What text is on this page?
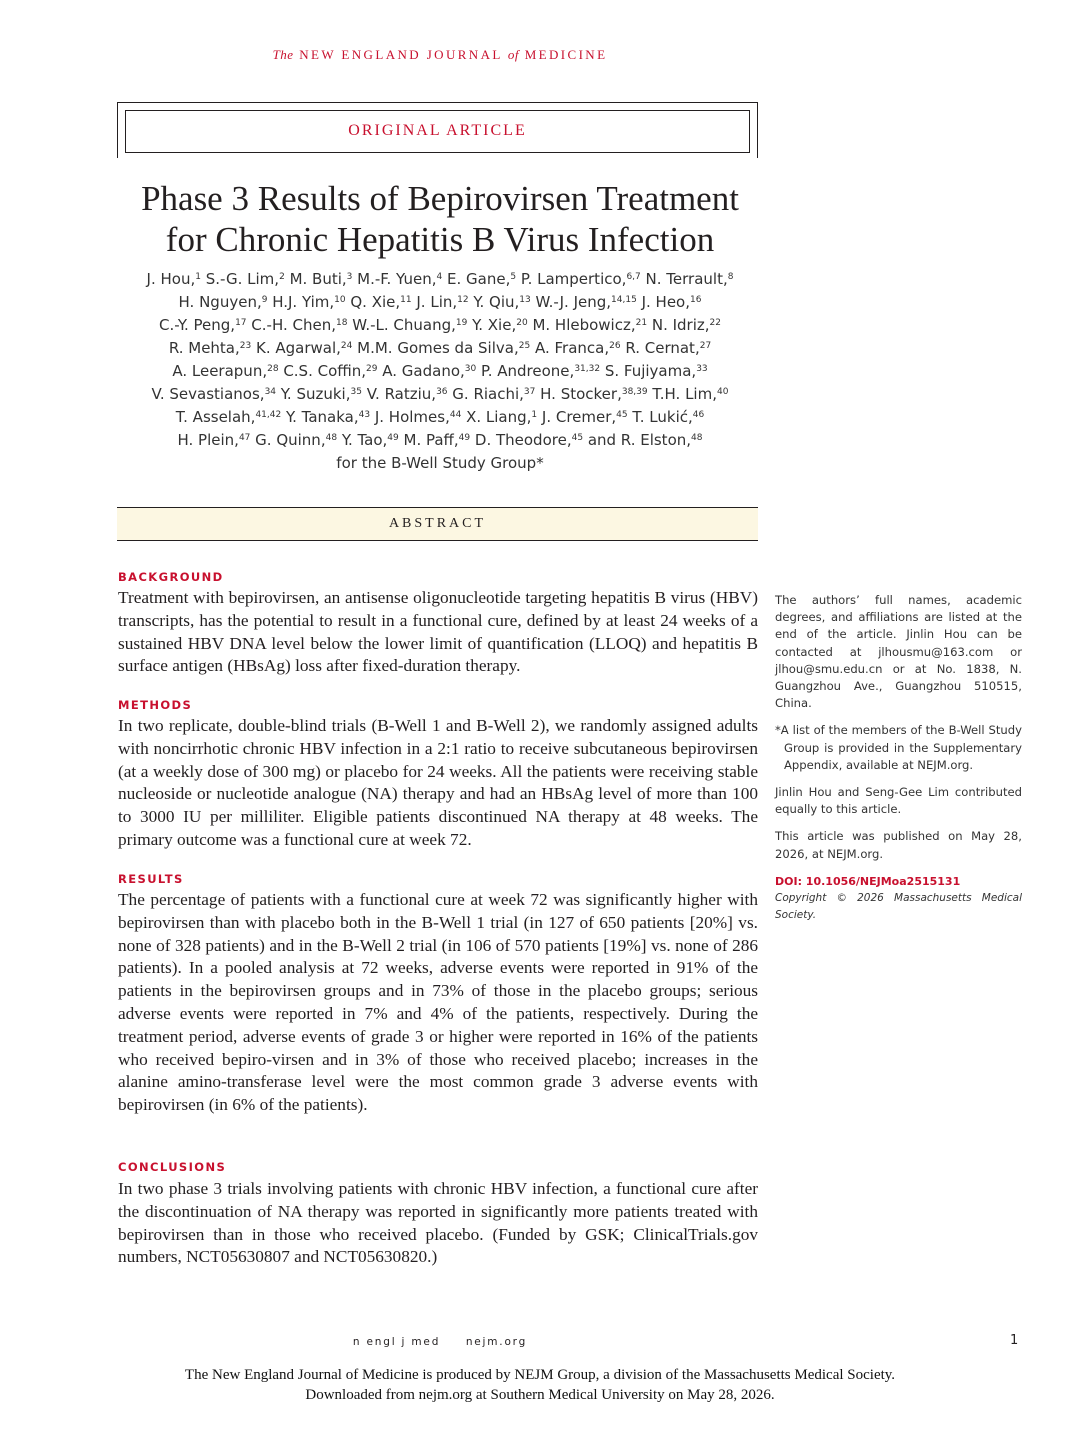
The NEW ENGLAND JOURNAL of MEDICINE
ORIGINAL ARTICLE
Phase 3 Results of Bepirovirsen Treatment
for Chronic Hepatitis B Virus Infection
J. Hou,$^1$ S.-G. Lim,$^2$ M. Buti,$^3$ M.-F. Yuen,$^4$ E. Gane,$^5$ P. Lampertico,$^{6,7}$ N. Terrault,$^8$
H. Nguyen,$^9$ H.J. Yim,$^{10}$ Q. Xie,$^{11}$ J. Lin,$^{12}$ Y. Qiu,$^{13}$ W.-J. Jeng,$^{14,15}$ J. Heo,$^{16}$
C.-Y. Peng,$^{17}$ C.-H. Chen,$^{18}$ W.-L. Chuang,$^{19}$ Y. Xie,$^{20}$ M. Hlebowicz,$^{21}$ N. Idriz,$^{22}$
R. Mehta,$^{23}$ K. Agarwal,$^{24}$ M.M. Gomes da Silva,$^{25}$ A. Franca,$^{26}$ R. Cernat,$^{27}$
A. Leerapun,$^{28}$ C.S. Coffin,$^{29}$ A. Gadano,$^{30}$ P. Andreone,$^{31,32}$ S. Fujiyama,$^{33}$
V. Sevastianos,$^{34}$ Y. Suzuki,$^{35}$ V. Ratziu,$^{36}$ G. Riachi,$^{37}$ H. Stocker,$^{38,39}$ T.H. Lim,$^{40}$
T. Asselah,$^{41,42}$ Y. Tanaka,$^{43}$ J. Holmes,$^{44}$ X. Liang,$^1$ J. Cremer,$^{45}$ T. Lukić,$^{46}$
H. Plein,$^{47}$ G. Quinn,$^{48}$ Y. Tao,$^{49}$ M. Paff,$^{49}$ D. Theodore,$^{45}$ and R. Elston,$^{48}$
for the B-Well Study Group*
ABSTRACT
BACKGROUND

Treatment with bepirovirsen, an antisense oligonucleotide targeting hepatitis B virus (HBV) transcripts, has the potential to result in a functional cure, defined by at least 24 weeks of a sustained HBV DNA level below the lower limit of quantification (LLOQ) and hepatitis B surface antigen (HBsAg) loss after fixed-duration therapy.

METHODS

In two replicate, double-blind trials (B-Well 1 and B-Well 2), we randomly assigned adults with noncirrhotic chronic HBV infection in a 2:1 ratio to receive subcutaneous bepirovirsen (at a weekly dose of 300 mg) or placebo for 24 weeks. All the patients were receiving stable nucleoside or nucleotide analogue (NA) therapy and had an HBsAg level of more than 100 to 3000 IU per milliliter. Eligible patients discontinued NA therapy at 48 weeks. The primary outcome was a functional cure at week 72.

RESULTS

The percentage of patients with a functional cure at week 72 was significantly higher with bepirovirsen than with placebo both in the B-Well 1 trial (in 127 of 650 patients [20%] vs. none of 328 patients) and in the B-Well 2 trial (in 106 of 570 patients [19%] vs. none of 286 patients). In a pooled analysis at 72 weeks, adverse events were reported in 91% of the patients in the bepirovirsen groups and in 73% of those in the placebo groups; serious adverse events were reported in 7% and 4% of the patients, respectively. During the treatment period, adverse events of grade 3 or higher were reported in 16% of the patients who received bepiro-virsen and in 3% of those who received placebo; increases in the alanine amino-transferase level were the most common grade 3 adverse events with bepirovirsen (in 6% of the patients).

CONCLUSIONS

In two phase 3 trials involving patients with chronic HBV infection, a functional cure after the discontinuation of NA therapy was reported in significantly more patients treated with bepirovirsen than in those who received placebo. (Funded by GSK; ClinicalTrials.gov numbers, NCT05630807 and NCT05630820.)

The authors’ full names, academic degrees, and affiliations are listed at the end of the article. Jinlin Hou can be contacted at jlhousmu@163.com or jlhou@smu.edu.cn or at No. 1838, N. Guangzhou Ave., Guangzhou 510515, China.

*A list of the members of the B-Well Study Group is provided in the Supplementary Appendix, available at NEJM.org.

Jinlin Hou and Seng-Gee Lim contributed equally to this article.

This article was published on May 28, 2026, at NEJM.org.

DOI: 10.1056/NEJMoa2515131

Copyright © 2026 Massachusetts Medical Society.

n engl j med     nejm.org	1
The New England Journal of Medicine is produced by NEJM Group, a division of the Massachusetts Medical Society.
Downloaded from nejm.org at Southern Medical University on May 28, 2026.
